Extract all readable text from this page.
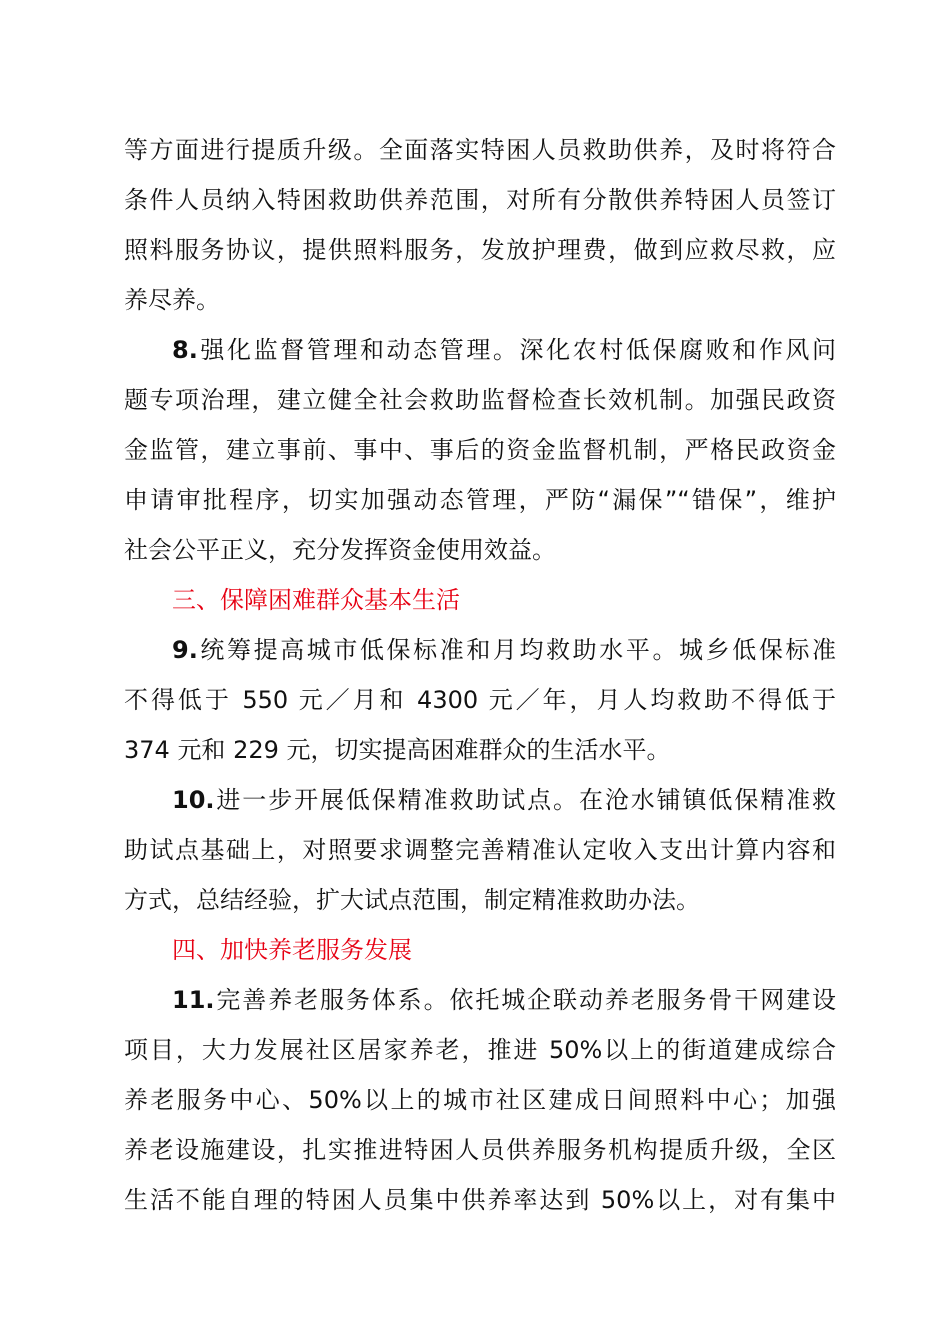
等方面进行提质升级。全面落实特困人员救助供养，及时将符合
条件人员纳入特困救助供养范围，对所有分散供养特困人员签订
照料服务协议，提供照料服务，发放护理费，做到应救尽救，应
养尽养。
8.强化监督管理和动态管理。深化农村低保腐败和作风问
题专项治理，建立健全社会救助监督检查长效机制。加强民政资
金监管，建立事前、事中、事后的资金监督机制，严格民政资金
申请审批程序，切实加强动态管理，严防“漏保”“错保”，维护
社会公平正义，充分发挥资金使用效益。
三、保障困难群众基本生活
9.统筹提高城市低保标准和月均救助水平。城乡低保标准
不得低于 550 元／月和 4300 元／年，月人均救助不得低于
374 元和 229 元，切实提高困难群众的生活水平。
10.进一步开展低保精准救助试点。在沧水铺镇低保精准救
助试点基础上，对照要求调整完善精准认定收入支出计算内容和
方式，总结经验，扩大试点范围，制定精准救助办法。
四、加快养老服务发展
11.完善养老服务体系。依托城企联动养老服务骨干网建设
项目，大力发展社区居家养老，推进 50%以上的街道建成综合
养老服务中心、50%以上的城市社区建成日间照料中心；加强
养老设施建设，扎实推进特困人员供养服务机构提质升级，全区
生活不能自理的特困人员集中供养率达到 50%以上，对有集中
